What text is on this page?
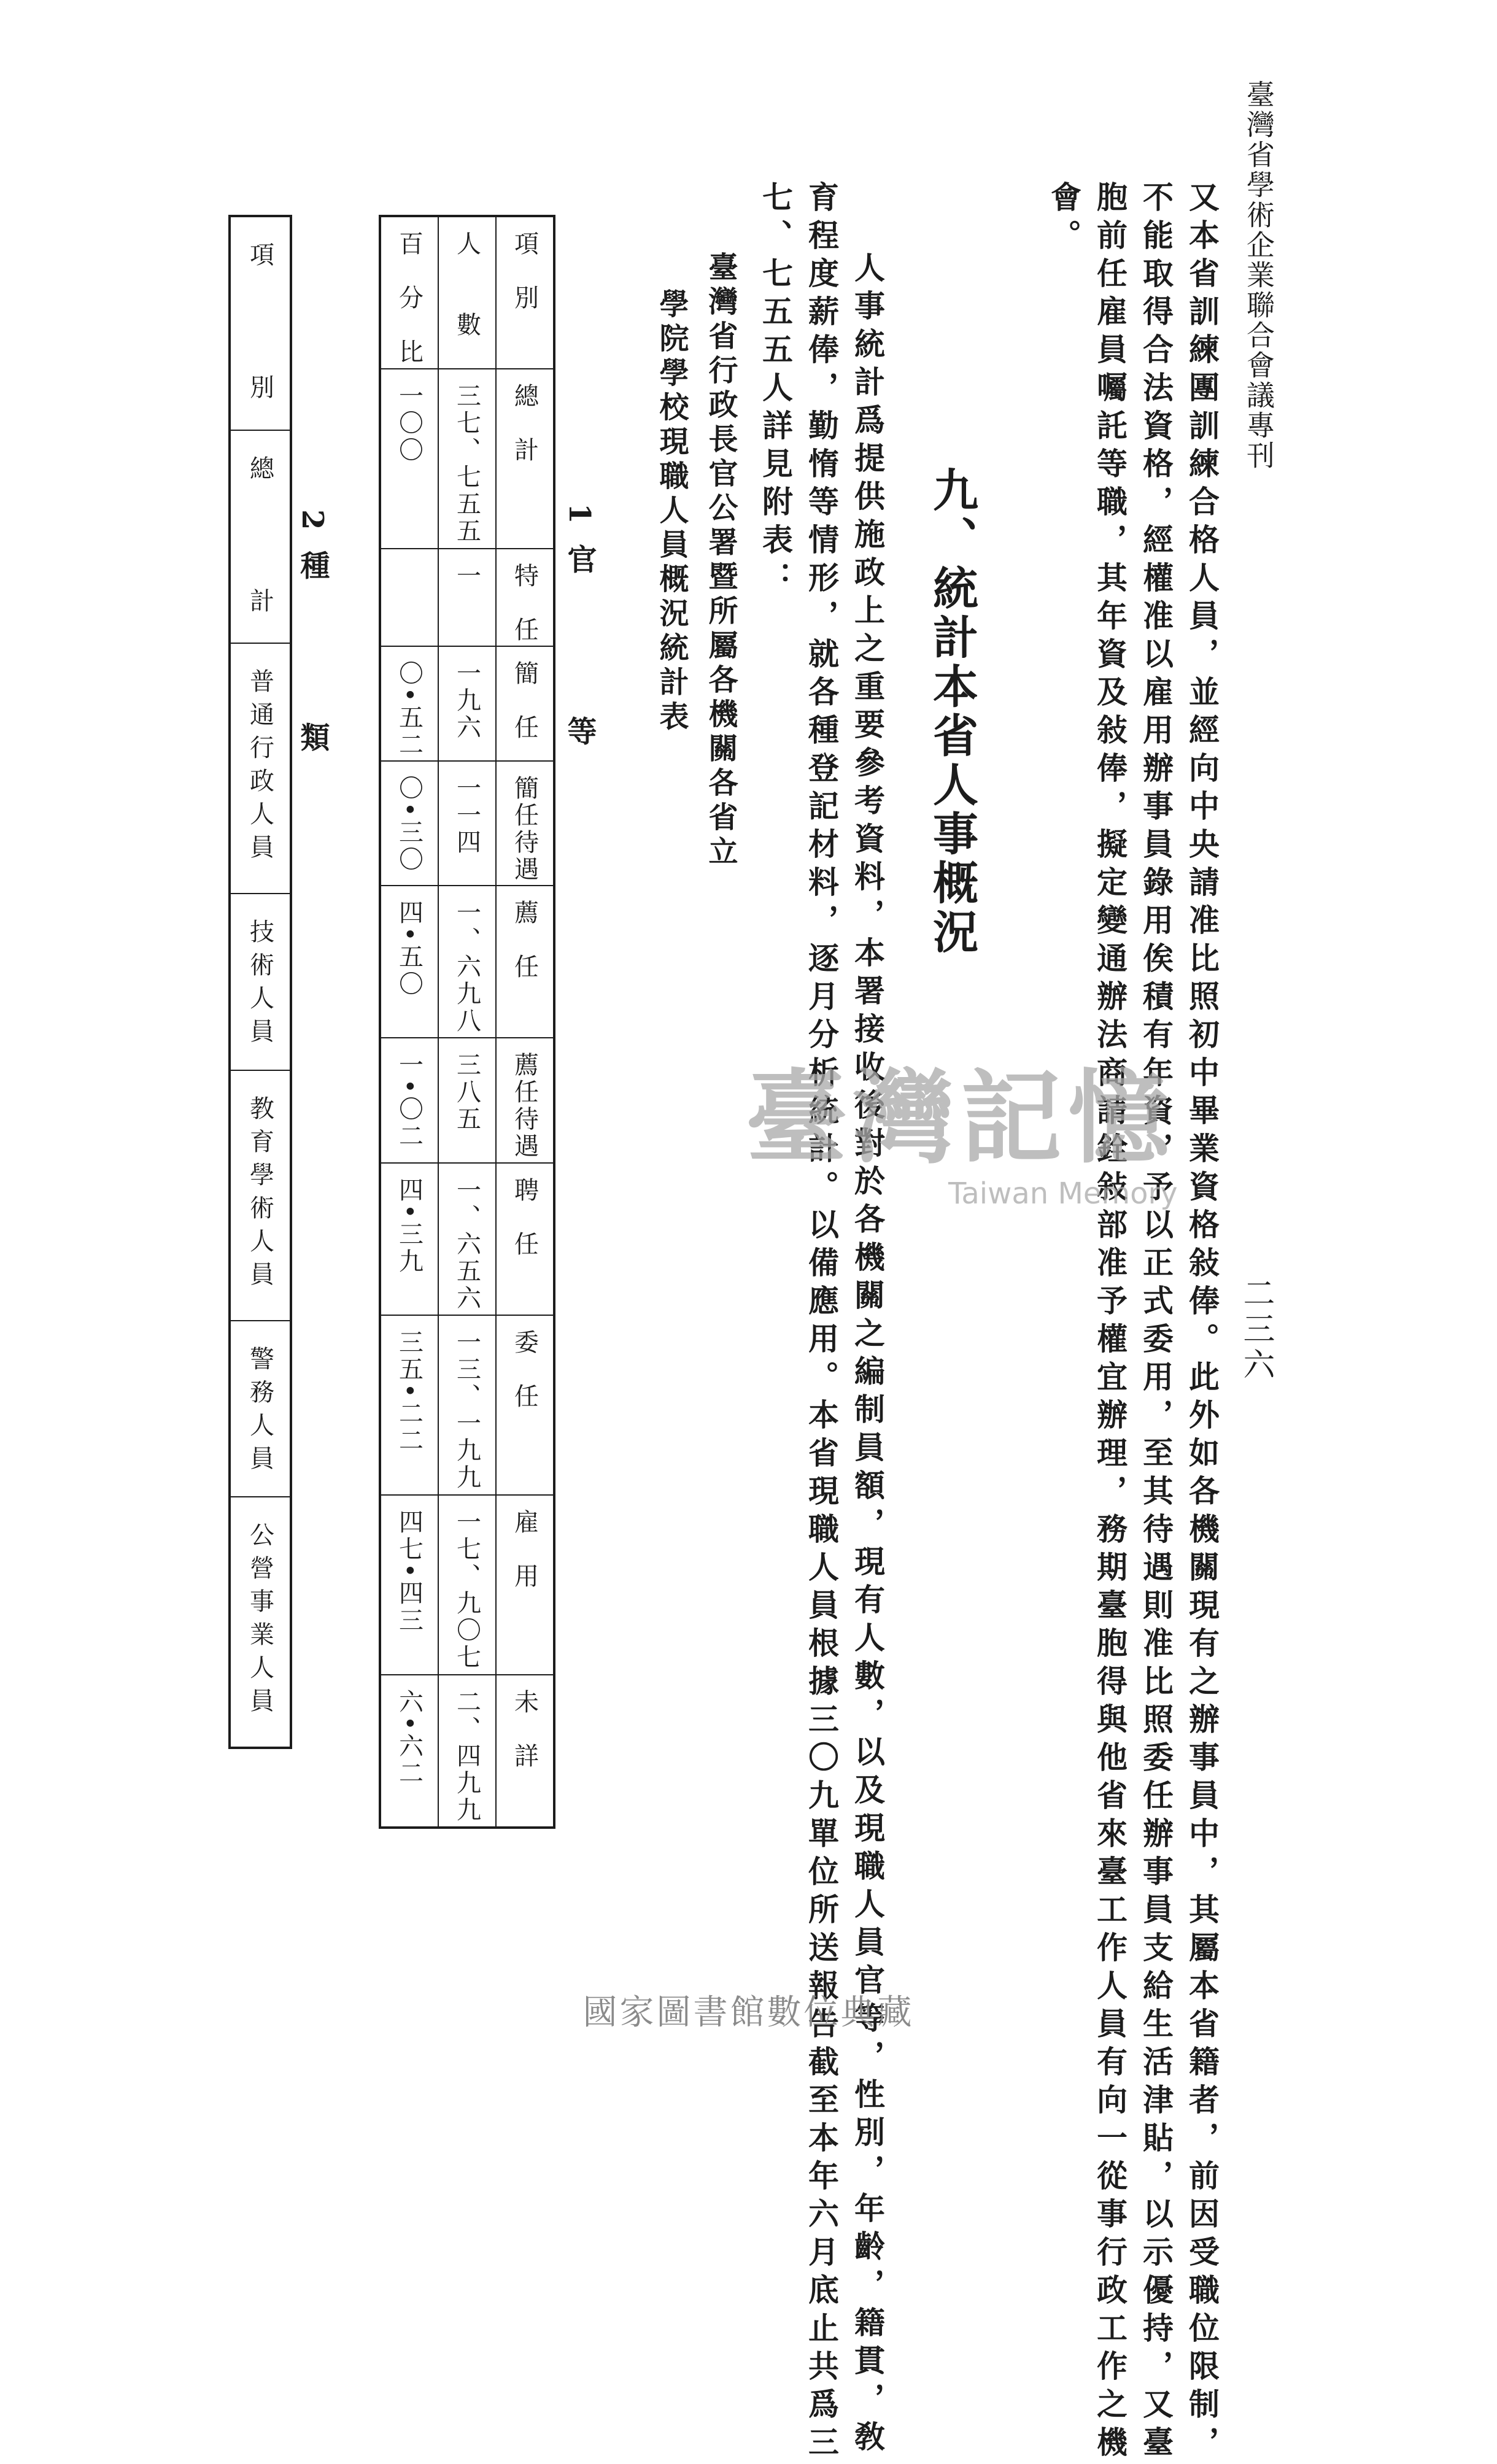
臺灣省學術企業聯合會議專刊
二三六
又本省訓練團訓練合格人員，並經向中央請准比照初中畢業資格敍俸。此外如各機關現有之辦事員中，其屬本省籍者，前因受職位限制，
不能取得合法資格，經權准以雇用辦事員錄用俟積有年資，予以正式委用，至其待遇則准比照委任辦事員支給生活津貼，以示優持，又臺
胞前任雇員囑託等職，其年資及敍俸，擬定變通辦法商請銓敍部准予權宜辦理，務期臺胞得與他省來臺工作人員有向一從事行政工作之機
會。
九、統計本省人事概況
人事統計爲提供施政上之重要參考資料，本署接收後對於各機關之編制員額，現有人數，以及現職人員官等，性別，年齡，籍貫，敎
育程度薪俸，勤惰等情形，就各種登記材料，逐月分析統計。以備應用。本省現職人員根據三〇九單位所送報告截至本年六月底止共爲三
七、七五五人詳見附表：
臺灣省行政長官公署暨所屬各機關各省立
學院學校現職人員概況統計表
1 官　　　　等
百　分　比	人　　數	項　別

一〇〇	三七、七五五	總　計

	一	特　任

〇•五二	一九六	簡　任

〇•三〇	一一四	簡任待遇

四•五〇	一、六九八	薦　任

一•〇二	三八五	薦任待遇

四•三九	一、六五六	聘　任

三五•二二	一三、一九九	委　任

四七•四三	一七、九〇七	雇　用

六•六二	二、四九九	未　詳
2 種　　　　類
項　　　別

總　　　計

普通行政人員

技術人員

教育學術人員

警務人員

公營事業人員
臺灣記憶
Taiwan Memory
國家圖書館數位典藏
